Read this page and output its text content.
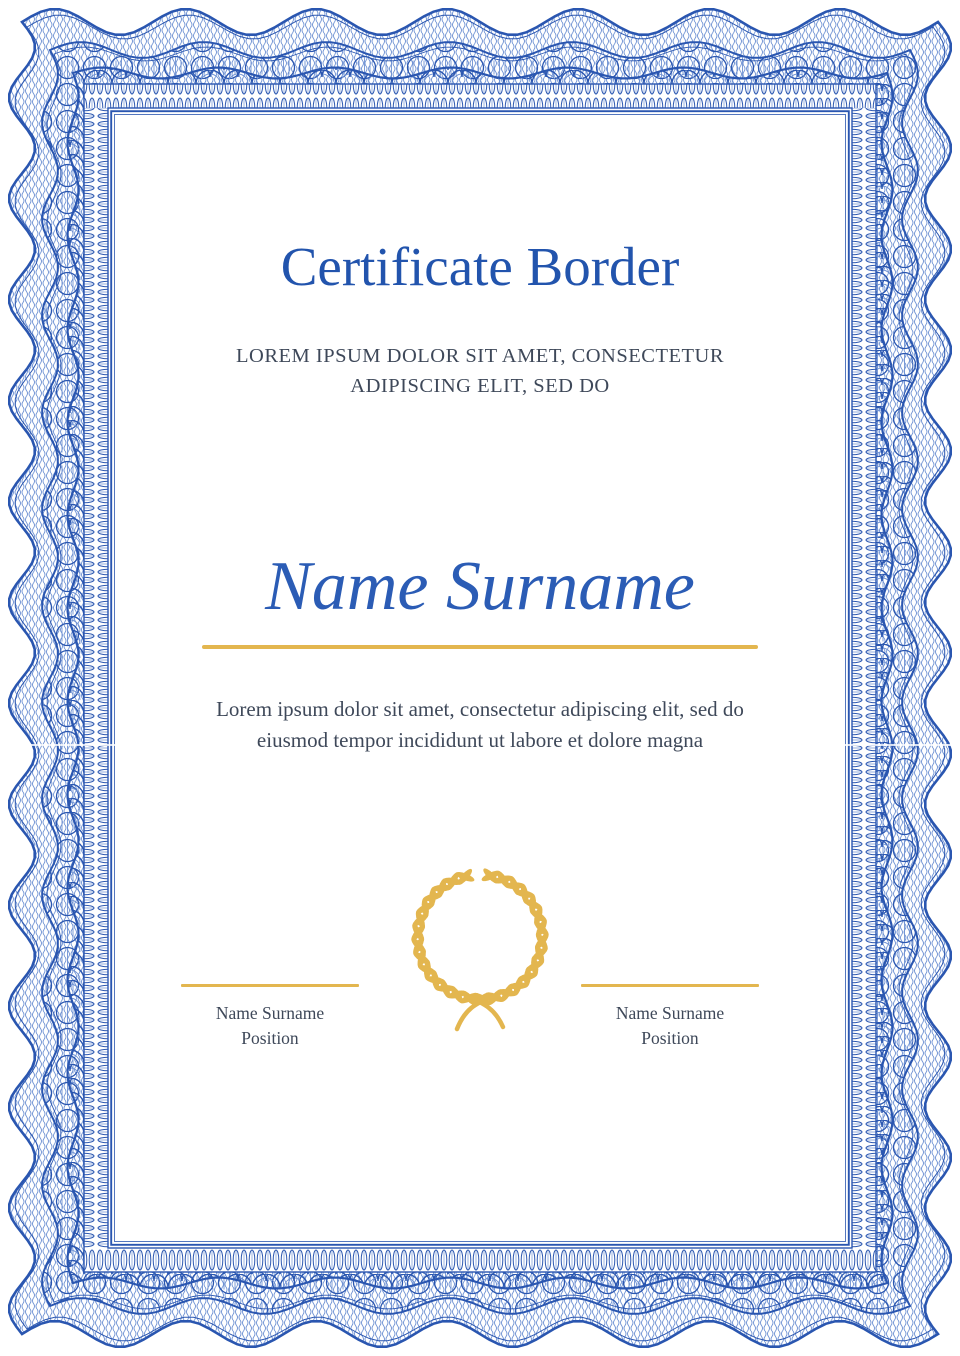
Certificate Border
LOREM IPSUM DOLOR SIT AMET, CONSECTETUR ADIPISCING ELIT, SED DO
Name Surname
Lorem ipsum dolor sit amet, consectetur adipiscing elit, sed do eiusmod tempor incididunt ut labore et dolore magna
Name Surname
Position
Name Surname
Position
